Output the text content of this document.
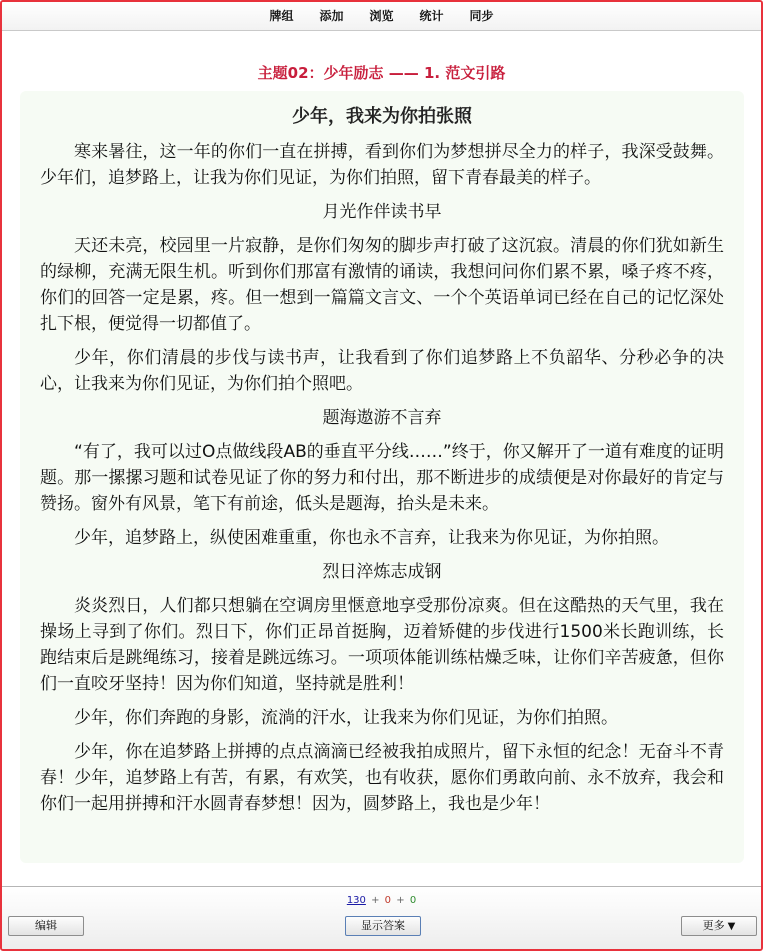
牌组	添加	浏览	统计	同步
主题02：少年励志 —— 1. 范文引路
少年，我来为你拍张照

寒来暑往，这一年的你们一直在拼搏，看到你们为梦想拼尽全力的样子，我深受鼓舞。少年们，追梦路上，让我为你们见证，为你们拍照，留下青春最美的样子。

月光作伴读书早

天还未亮，校园里一片寂静，是你们匆匆的脚步声打破了这沉寂。清晨的你们犹如新生的绿柳，充满无限生机。听到你们那富有激情的诵读，我想问问你们累不累，嗓子疼不疼，你们的回答一定是累，疼。但一想到一篇篇文言文、一个个英语单词已经在自己的记忆深处扎下根，便觉得一切都值了。

少年，你们清晨的步伐与读书声，让我看到了你们追梦路上不负韶华、分秒必争的决心，让我来为你们见证，为你们拍个照吧。

题海遨游不言弃

“有了，我可以过O点做线段AB的垂直平分线……”终于，你又解开了一道有难度的证明题。那一摞摞习题和试卷见证了你的努力和付出，那不断进步的成绩便是对你最好的肯定与赞扬。窗外有风景，笔下有前途，低头是题海，抬头是未来。

少年，追梦路上，纵使困难重重，你也永不言弃，让我来为你见证，为你拍照。

烈日淬炼志成钢

炎炎烈日，人们都只想躺在空调房里惬意地享受那份凉爽。但在这酷热的天气里，我在操场上寻到了你们。烈日下，你们正昂首挺胸，迈着矫健的步伐进行1500米长跑训练，长跑结束后是跳绳练习，接着是跳远练习。一项项体能训练枯燥乏味，让你们辛苦疲惫，但你们一直咬牙坚持！因为你们知道，坚持就是胜利！

少年，你们奔跑的身影，流淌的汗水，让我来为你们见证，为你们拍照。

少年，你在追梦路上拼搏的点点滴滴已经被我拍成照片，留下永恒的纪念！无奋斗不青春！少年，追梦路上有苦，有累，有欢笑，也有收获，愿你们勇敢向前、永不放弃，我会和你们一起用拼搏和汗水圆青春梦想！因为，圆梦路上，我也是少年！

130 + 0 + 0
编辑	显示答案	更多 ▼
